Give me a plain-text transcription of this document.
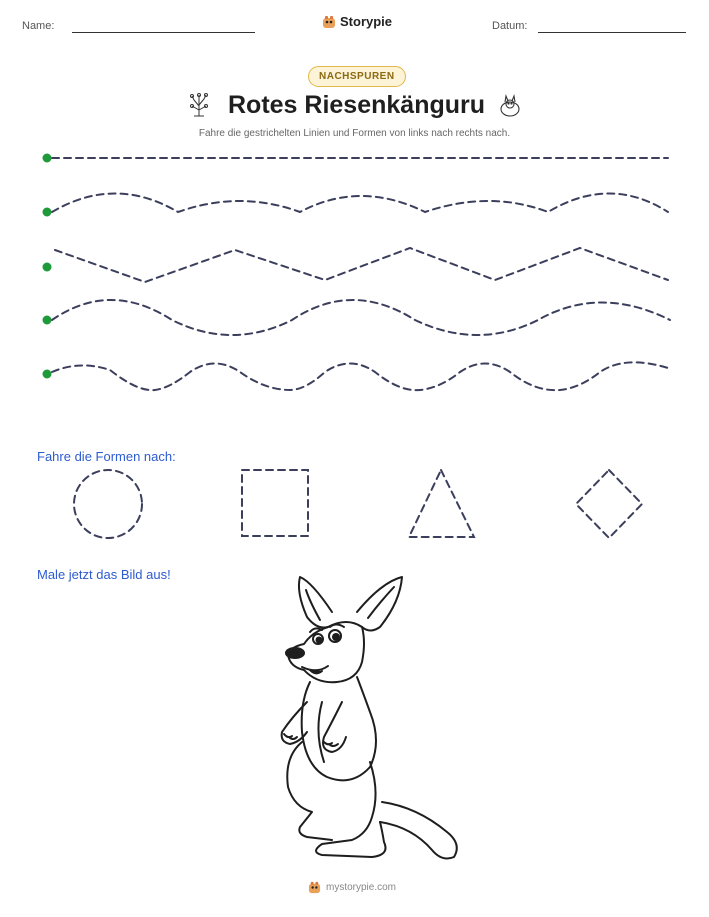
Name:	Storypie	Datum:
NACHSPUREN
Rotes Riesenkänguru
Fahre die gestrichelten Linien und Formen von links nach rechts nach.
Fahre die Formen nach:
Male jetzt das Bild aus!
mystorypie.com
